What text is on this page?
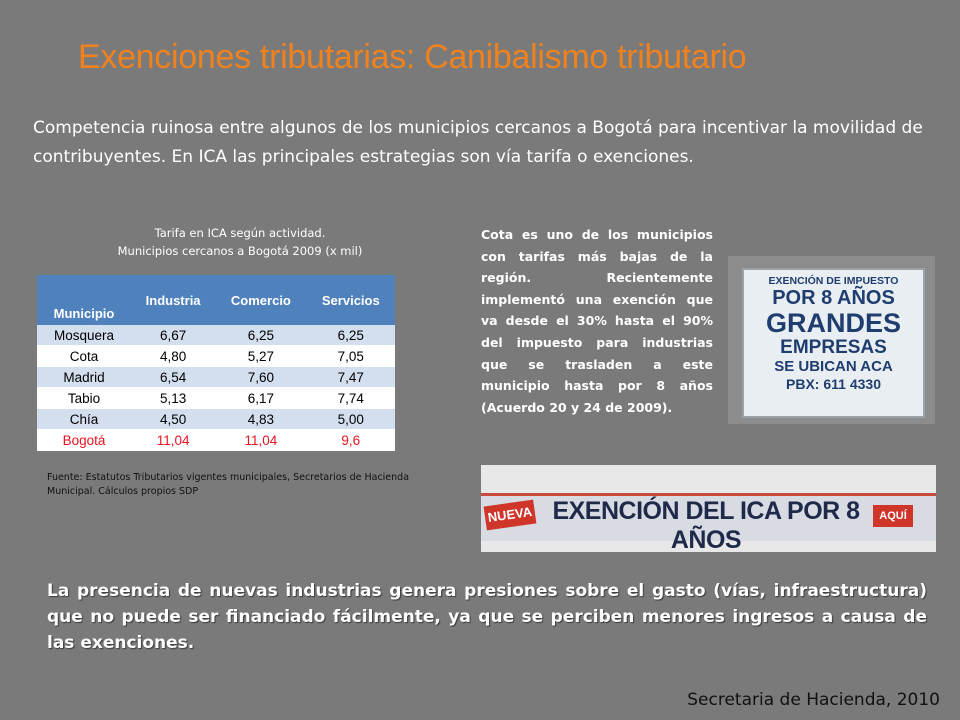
Exenciones tributarias: Canibalismo tributario
Competencia ruinosa entre algunos de los municipios cercanos a Bogotá para incentivar la movilidad de contribuyentes. En ICA las principales estrategias son vía tarifa o exenciones.
Tarifa en ICA según actividad.
Municipios cercanos a Bogotá 2009 (x mil)
Municipio	Industria	Comercio	Servicios
Mosquera	6,67	6,25	6,25
Cota	4,80	5,27	7,05
Madrid	6,54	7,60	7,47
Tabio	5,13	6,17	7,74
Chía	4,50	4,83	5,00
Bogotá	11,04	11,04	9,6
Fuente: Estatutos Tributarios vigentes municipales, Secretarios de Hacienda Municipal. Cálculos propios SDP
Cota es uno de los municipios con tarifas más bajas de la región. Recientemente implementó una exención que va desde el 30% hasta el 90% del impuesto para industrias que se trasladen a este municipio hasta por 8 años (Acuerdo 20 y 24 de 2009).
EXENCIÓN DE IMPUESTO
POR 8 AÑOS
GRANDES
EMPRESAS
SE UBICAN ACA
PBX: 611 4330
NUEVA EXENCIÓN DEL ICA POR 8 AÑOS
AQUÍ
La presencia de nuevas industrias genera presiones sobre el gasto (vías, infraestructura) que no puede ser financiado fácilmente, ya que se perciben menores ingresos a causa de las exenciones.
Secretaria de Hacienda, 2010
